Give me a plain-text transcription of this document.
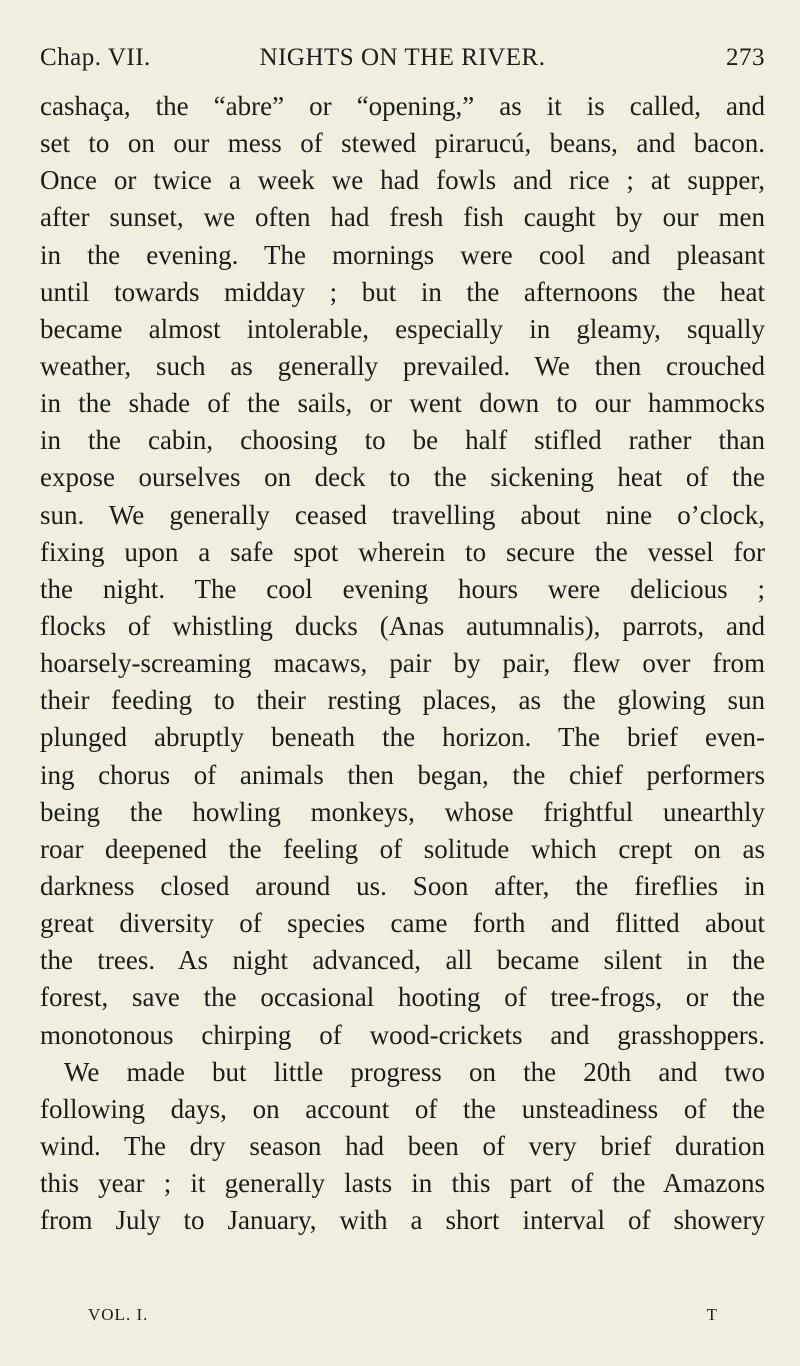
Chap. VII.	NIGHTS ON THE RIVER.	273
cashaça, the “abre” or “opening,” as it is called, and
set to on our mess of stewed pirarucú, beans, and bacon.
Once or twice a week we had fowls and rice ; at supper,
after sunset, we often had fresh fish caught by our men
in the evening. The mornings were cool and pleasant
until towards midday ; but in the afternoons the heat
became almost intolerable, especially in gleamy, squally
weather, such as generally prevailed. We then crouched
in the shade of the sails, or went down to our hammocks
in the cabin, choosing to be half stifled rather than
expose ourselves on deck to the sickening heat of the
sun. We generally ceased travelling about nine o’clock,
fixing upon a safe spot wherein to secure the vessel for
the night. The cool evening hours were delicious ;
flocks of whistling ducks (Anas autumnalis), parrots, and
hoarsely-screaming macaws, pair by pair, flew over from
their feeding to their resting places, as the glowing sun
plunged abruptly beneath the horizon. The brief even-
ing chorus of animals then began, the chief performers
being the howling monkeys, whose frightful unearthly
roar deepened the feeling of solitude which crept on as
darkness closed around us. Soon after, the fireflies in
great diversity of species came forth and flitted about
the trees. As night advanced, all became silent in the
forest, save the occasional hooting of tree-frogs, or the
monotonous chirping of wood-crickets and grasshoppers.
We made but little progress on the 20th and two
following days, on account of the unsteadiness of the
wind. The dry season had been of very brief duration
this year ; it generally lasts in this part of the Amazons
from July to January, with a short interval of showery
VOL. I.	T
